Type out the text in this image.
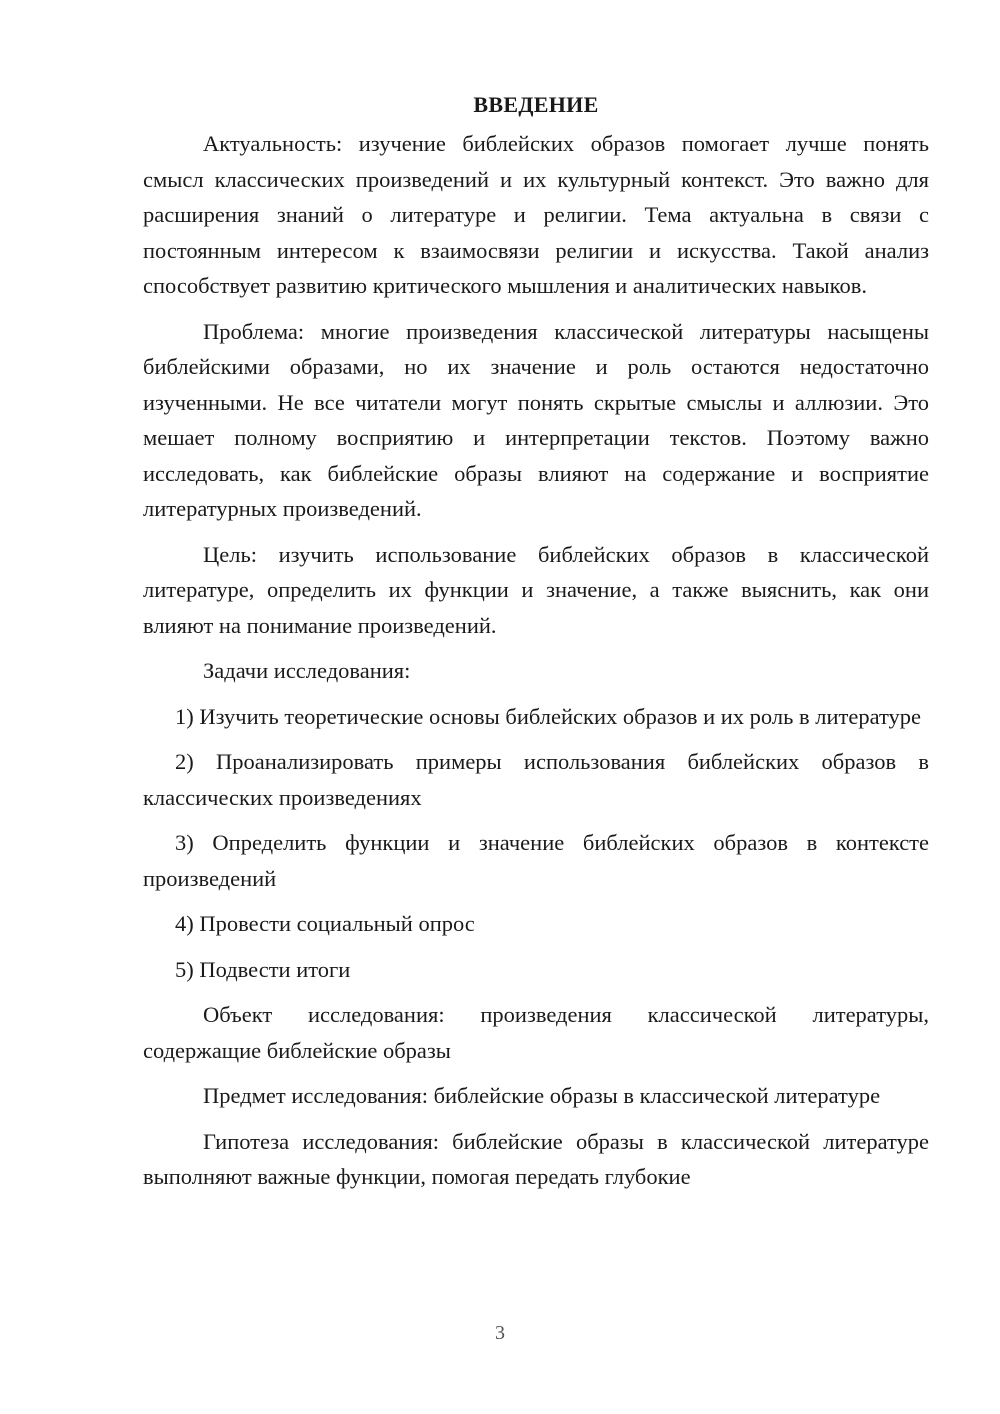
ВВЕДЕНИЕ

Актуальность: изучение библейских образов помогает лучше понять смысл классических произведений и их культурный контекст. Это важно для расширения знаний о литературе и религии. Тема актуальна в связи с постоянным интересом к взаимосвязи религии и искусства. Такой анализ способствует развитию критического мышления и аналитических навыков.

Проблема: многие произведения классической литературы насыщены библейскими образами, но их значение и роль остаются недостаточно изученными. Не все читатели могут понять скрытые смыслы и аллюзии. Это мешает полному восприятию и интерпретации текстов. Поэтому важно исследовать, как библейские образы влияют на содержание и восприятие литературных произведений.

Цель: изучить использование библейских образов в классической литературе, определить их функции и значение, а также выяснить, как они влияют на понимание произведений.

Задачи исследования:

1) Изучить теоретические основы библейских образов и их роль в литературе

2) Проанализировать примеры использования библейских образов в классических произведениях

3) Определить функции и значение библейских образов в контексте произведений

4) Провести социальный опрос

5) Подвести итоги

Объект исследования: произведения классической литературы, содержащие библейские образы

Предмет исследования: библейские образы в классической литературе

Гипотеза исследования: библейские образы в классической литературе выполняют важные функции, помогая передать глубокие

3
